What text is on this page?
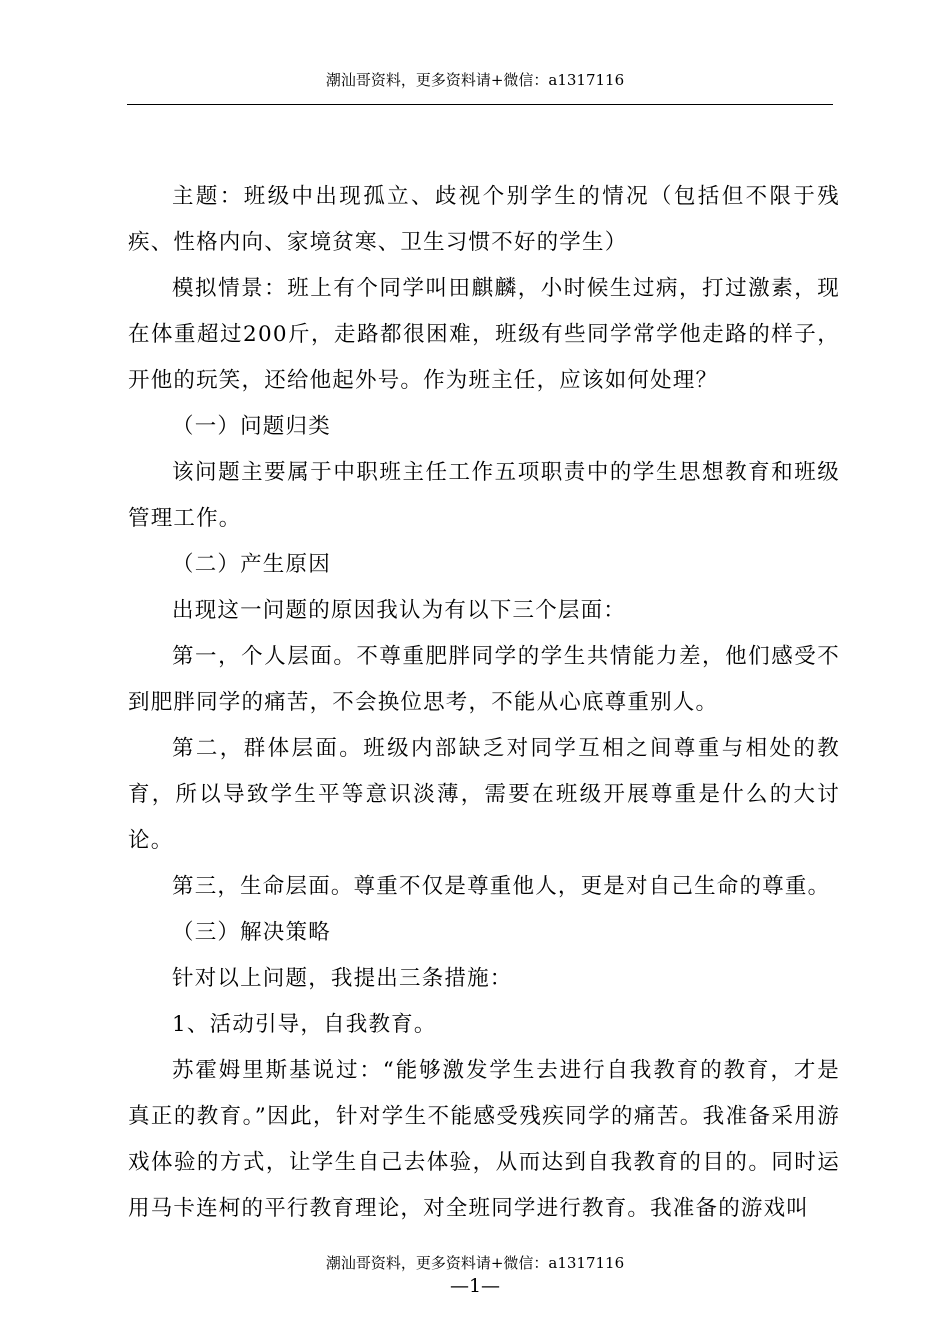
潮汕哥资料，更多资料请+微信：a1317116

主题：班级中出现孤立、歧视个别学生的情况（包括但不限于残疾、性格内向、家境贫寒、卫生习惯不好的学生）

模拟情景：班上有个同学叫田麒麟，小时候生过病，打过激素，现在体重超过200斤，走路都很困难，班级有些同学常学他走路的样子，开他的玩笑，还给他起外号。作为班主任，应该如何处理？

（一）问题归类

该问题主要属于中职班主任工作五项职责中的学生思想教育和班级管理工作。

（二）产生原因

出现这一问题的原因我认为有以下三个层面：

第一，个人层面。不尊重肥胖同学的学生共情能力差，他们感受不到肥胖同学的痛苦，不会换位思考，不能从心底尊重别人。

第二，群体层面。班级内部缺乏对同学互相之间尊重与相处的教育，所以导致学生平等意识淡薄，需要在班级开展尊重是什么的大讨论。

第三，生命层面。尊重不仅是尊重他人，更是对自己生命的尊重。

（三）解决策略

针对以上问题，我提出三条措施：

1、活动引导，自我教育。

苏霍姆里斯基说过：“能够激发学生去进行自我教育的教育，才是真正的教育。”因此，针对学生不能感受残疾同学的痛苦。我准备采用游戏体验的方式，让学生自己去体验，从而达到自我教育的目的。同时运用马卡连柯的平行教育理论，对全班同学进行教育。我准备的游戏叫

潮汕哥资料，更多资料请+微信：a1317116
—1—
